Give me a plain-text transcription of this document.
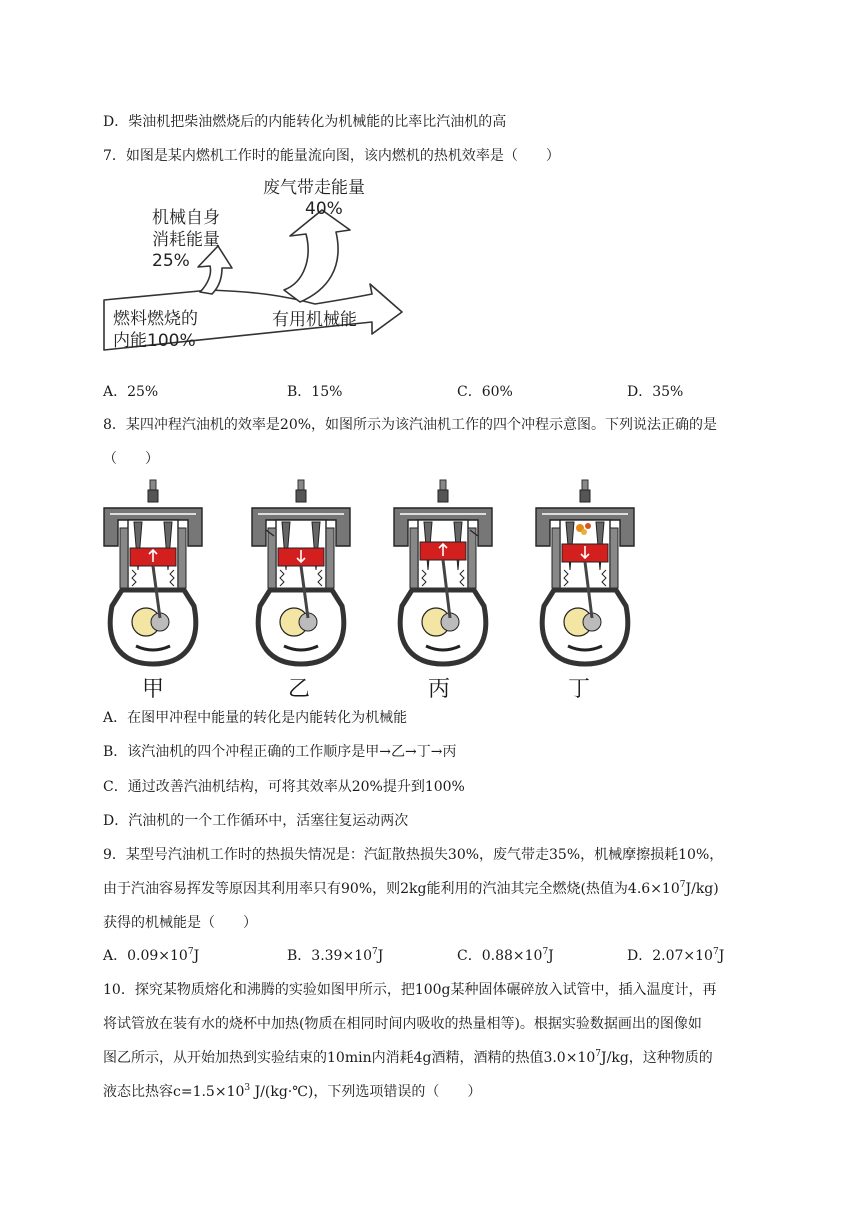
D．柴油机把柴油燃烧后的内能转化为机械能的比率比汽油机的高
7．如图是某内燃机工作时的能量流向图，该内燃机的热机效率是（　　）
废气带走能量
40%
机械自身
消耗能量
25%
燃料燃烧的
内能100%
有用机械能
A．25%	B．15%	C．60%	D．35%
8．某四冲程汽油机的效率是20%，如图所示为该汽油机工作的四个冲程示意图。下列说法正确的是
（　　）
甲	乙	丙	丁
A．在图甲冲程中能量的转化是内能转化为机械能
B．该汽油机的四个冲程正确的工作顺序是甲→乙→丁→丙
C．通过改善汽油机结构，可将其效率从20%提升到100%
D．汽油机的一个工作循环中，活塞往复运动两次
9．某型号汽油机工作时的热损失情况是：汽缸散热损失30%，废气带走35%，机械摩擦损耗10%，
由于汽油容易挥发等原因其利用率只有90%，则2kg能利用的汽油其完全燃烧(热值为$4.6\times 10^7J/kg$)
获得的机械能是（　　）
A．$0.09\times 10^7J$	B．$3.39\times 10^7J$	C．$0.88\times 10^7J$	D．$2.07\times 10^7J$
10．探究某物质熔化和沸腾的实验如图甲所示，把100g某种固体碾碎放入试管中，插入温度计，再
将试管放在装有水的烧杯中加热(物质在相同时间内吸收的热量相等)。根据实验数据画出的图像如
图乙所示，从开始加热到实验结束的10min内消耗4g酒精，酒精的热值$3.0\times 10^7J/kg$，这种物质的
液态比热容$c=1.5\times 10^3$ J/(kg·℃)，下列选项错误的（　　）
